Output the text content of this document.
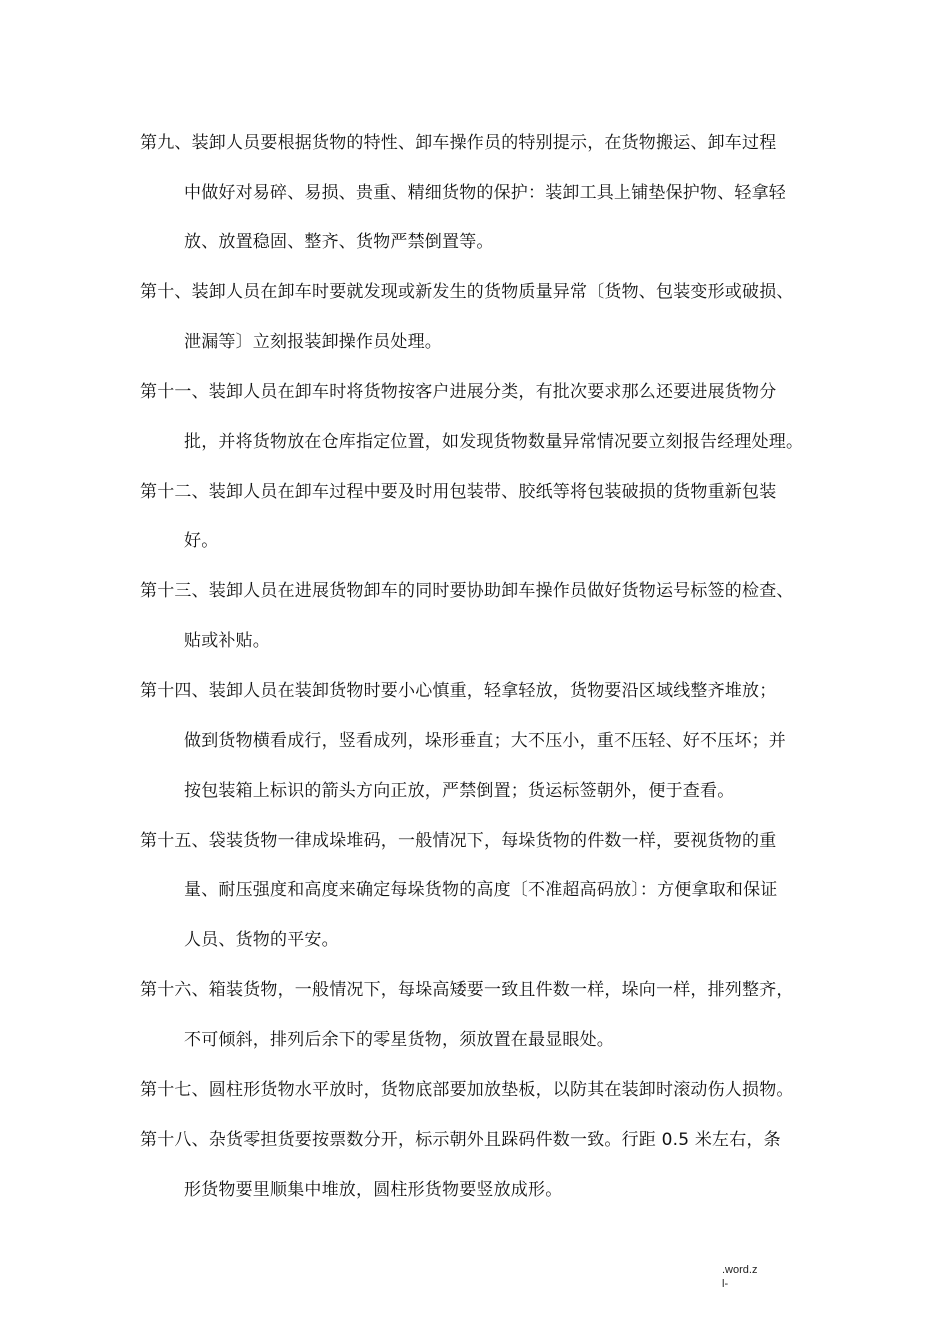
第九、装卸人员要根据货物的特性、卸车操作员的特别提示，在货物搬运、卸车过程
中做好对易碎、易损、贵重、精细货物的保护：装卸工具上铺垫保护物、轻拿轻
放、放置稳固、整齐、货物严禁倒置等。
第十、装卸人员在卸车时要就发现或新发生的货物质量异常〔货物、包装变形或破损、
泄漏等〕立刻报装卸操作员处理。
第十一、装卸人员在卸车时将货物按客户进展分类，有批次要求那么还要进展货物分
批，并将货物放在仓库指定位置，如发现货物数量异常情况要立刻报告经理处理。
第十二、装卸人员在卸车过程中要及时用包装带、胶纸等将包装破损的货物重新包装
好。
第十三、装卸人员在进展货物卸车的同时要协助卸车操作员做好货物运号标签的检查、
贴或补贴。
第十四、装卸人员在装卸货物时要小心慎重，轻拿轻放，货物要沿区域线整齐堆放；
做到货物横看成行，竖看成列，垛形垂直；大不压小，重不压轻、好不压坏；并
按包装箱上标识的箭头方向正放，严禁倒置；货运标签朝外，便于查看。
第十五、袋装货物一律成垛堆码，一般情况下，每垛货物的件数一样，要视货物的重
量、耐压强度和高度来确定每垛货物的高度〔不准超高码放〕：方便拿取和保证
人员、货物的平安。
第十六、箱装货物，一般情况下，每垛高矮要一致且件数一样，垛向一样，排列整齐，
不可倾斜，排列后余下的零星货物，须放置在最显眼处。
第十七、圆柱形货物水平放时，货物底部要加放垫板，以防其在装卸时滚动伤人损物。
第十八、杂货零担货要按票数分开，标示朝外且跺码件数一致。行距 0.5 米左右，条
形货物要里顺集中堆放，圆柱形货物要竖放成形。
.word.z
l-
